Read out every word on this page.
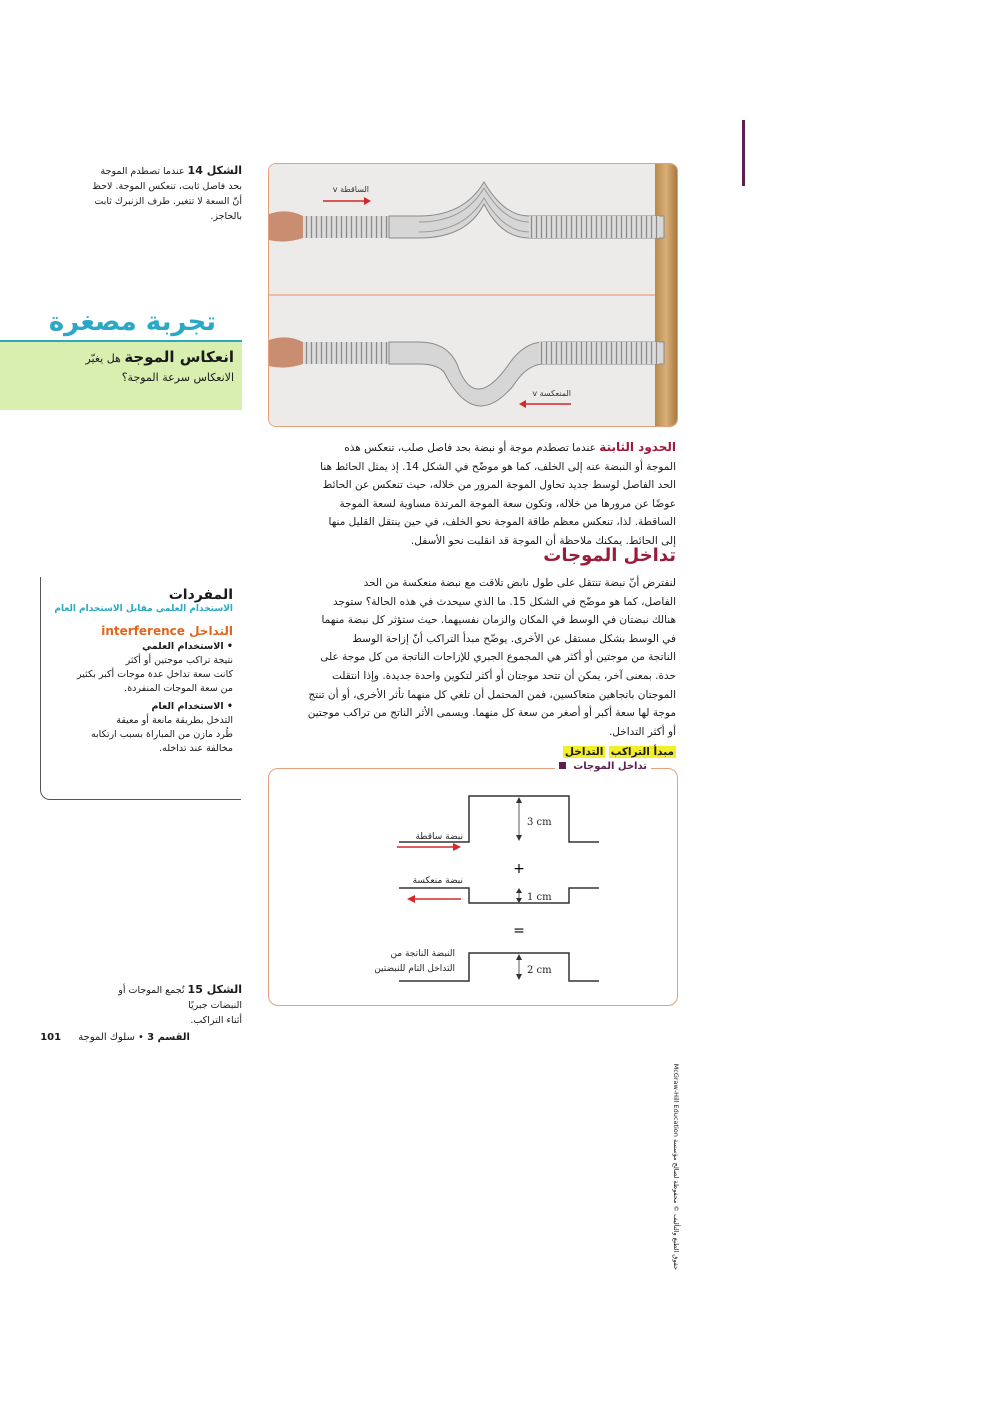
الشكل 14 عندما تصطدم الموجة بحد فاصل ثابت، تنعكس الموجة. لاحظ أنّ السعة لا تتغير. طرف الزنبرك ثابت بالحاجز.
v الساقطة
v المنعكسة
تجربة مصغرة
انعكاس الموجة هل يغيّر
الانعكاس سرعة الموجة؟
الحدود الثابتة عندما تصطدم موجة أو نبضة بحد فاصل صلب، تنعكس هذه
الموجة أو النبضة عنه إلى الخلف، كما هو موضّح في الشكل 14. إذ يمثل الحائط هنا
الحد الفاصل لوسط جديد تحاول الموجة المرور من خلاله، حيث تنعكس عن الحائط
عوضًا عن مرورها من خلاله، وتكون سعة الموجة المرتدة مساوية لسعة الموجة
الساقطة. لذا، تنعكس معظم طاقة الموجة نحو الخلف، في حين ينتقل القليل منها
إلى الحائط. يمكنك ملاحظة أن الموجة قد انقلبت نحو الأسفل.
تداخل الموجات
لنفترض أنّ نبضة تنتقل على طول نابض تلاقت مع نبضة منعكسة من الحد
الفاصل، كما هو موضّح في الشكل 15. ما الذي سيحدث في هذه الحالة؟ ستوجد
هنالك نبضتان في الوسط في المكان والزمان نفسيهما. حيث ستؤثر كل نبضة منهما
في الوسط بشكل مستقل عن الأخرى. يوضّح مبدأ التراكب أنّ إزاحة الوسط
الناتجة من موجتين أو أكثر هي المجموع الجبري للإزاحات الناتجة من كل موجة على
حدة. بمعنى آخر، يمكن أن تتحد موجتان أو أكثر لتكوين واحدة جديدة. وإذا انتقلت
الموجتان باتجاهين متعاكسين، فمن المحتمل أن تلغي كل منهما تأثر الأخرى، أو أن تنتج
موجة لها سعة أكبر أو أصغر من سعة كل منهما. ويسمى الأثر الناتج من تراكب موجتين
أو أكثر التداخل.
مبدأ التراكب التداخل
المفردات
الاستخدام العلمي مقابل الاستخدام العام
التداخل interference
• الاستخدام العلمي
نتيجة تراكب موجتين أو أكثر
كانت سعة تداخل عدة موجات أكبر بكثير
من سعة الموجات المنفردة.
• الاستخدام العام
التدخل بطريقة مانعة أو معيقة
طُرد مازن من المباراة بسبب ارتكابه
مخالفة عند تداخله.
تداخل الموجات
3 cm
نبضة ساقطة
+
1 cm
نبضة منعكسة
=
2 cm
النبضة الناتجة من
التداخل التام للنبضتين
حقوق الطبع والتأليف © محفوظة لصالح مؤسسة McGraw-Hill Education
الشكل 15 تُجمع الموجات أو النبضات جبريًا
أثناء التراكب.
القسم 3 • سلوك الموجة 101
